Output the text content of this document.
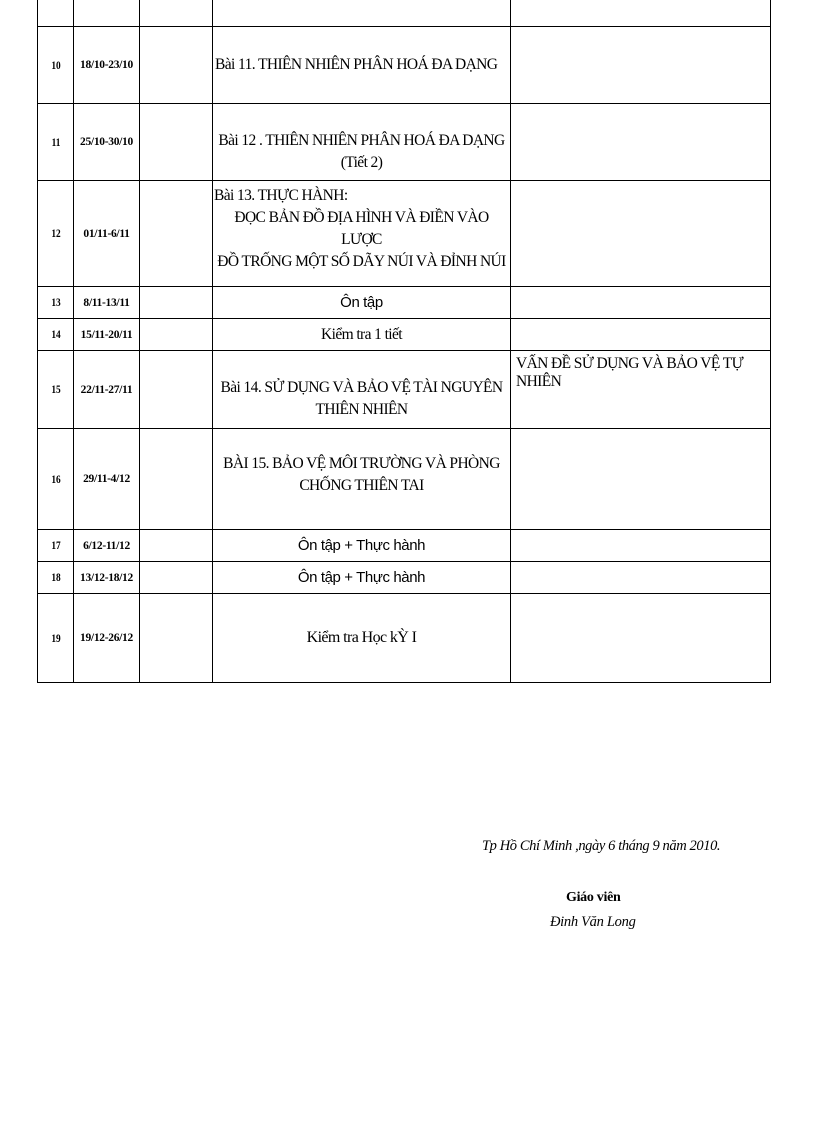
10	18/10-23/10		Bài 11. THIÊN NHIÊN PHÂN HOÁ ĐA DẠNG	

11	25/10-30/10		Bài 12 . THIÊN NHIÊN PHÂN HOÁ ĐA DẠNG
(Tiết 2)	

12	01/11-6/11		Bài 13. THỰC HÀNH:
ĐỌC BẢN ĐỒ ĐỊA HÌNH VÀ ĐIỀN VÀO LƯỢC
ĐỒ TRỐNG MỘT SỐ DÃY NÚI VÀ ĐỈNH NÚI	

13	8/11-13/11		Ôn tập	
14	15/11-20/11		Kiểm tra 1 tiết	
15	22/11-27/11		Bài 14. SỬ DỤNG VÀ BẢO VỆ TÀI NGUYÊN
THIÊN NHIÊN	VẤN ĐỀ SỬ DỤNG VÀ BẢO VỆ TỰ NHIÊN
16	29/11-4/12		BÀI 15. BẢO VỆ MÔI TRƯỜNG VÀ PHÒNG
CHỐNG THIÊN TAI	

17	6/12-11/12		Ôn tập + Thực hành	
18	13/12-18/12		Ôn tập + Thực hành	
19	19/12-26/12		Kiểm tra Học kỲ I	
Tp Hồ Chí Minh ,ngày 6 tháng 9 năm 2010.
Giáo viên
Đinh Văn Long
